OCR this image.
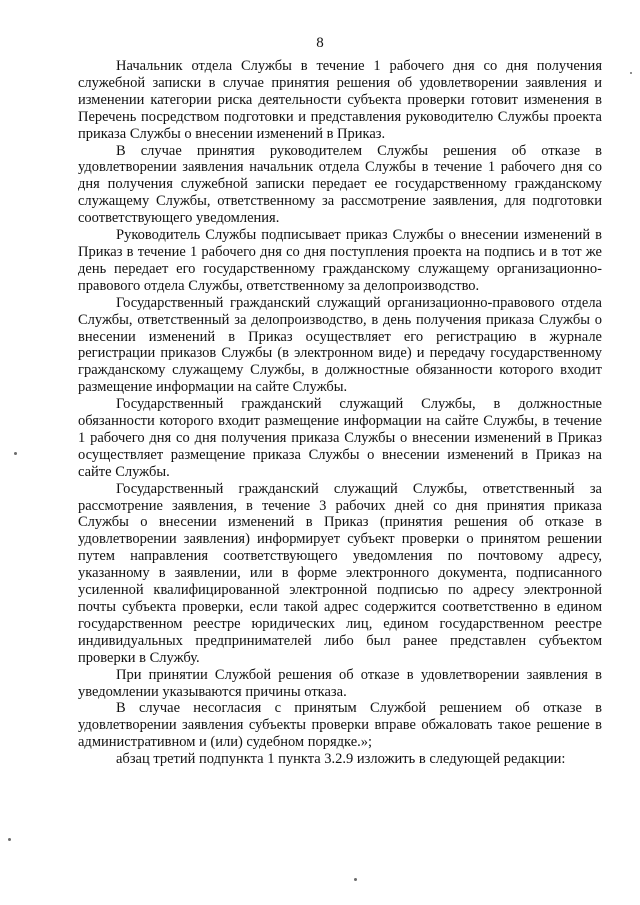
8

Начальник отдела Службы в течение 1 рабочего дня со дня получения служебной записки в случае принятия решения об удовлетворении заявления и изменении категории риска деятельности субъекта проверки готовит изменения в Перечень посредством подготовки и представления руководителю Службы проекта приказа Службы о внесении изменений в Приказ.

В случае принятия руководителем Службы решения об отказе в удовлетворении заявления начальник отдела Службы в течение 1 рабочего дня со дня получения служебной записки передает ее государственному гражданскому служащему Службы, ответственному за рассмотрение заявления, для подготовки соответствующего уведомления.

Руководитель Службы подписывает приказ Службы о внесении изменений в Приказ в течение 1 рабочего дня со дня поступления проекта на подпись и в тот же день передает его государственному гражданскому служащему организационно-правового отдела Службы, ответственному за делопроизводство.

Государственный гражданский служащий организационно-правового отдела Службы, ответственный за делопроизводство, в день получения приказа Службы о внесении изменений в Приказ осуществляет его регистрацию в журнале регистрации приказов Службы (в электронном виде) и передачу государственному гражданскому служащему Службы, в должностные обязанности которого входит размещение информации на сайте Службы.

Государственный гражданский служащий Службы, в должностные обязанности которого входит размещение информации на сайте Службы, в течение 1 рабочего дня со дня получения приказа Службы о внесении изменений в Приказ осуществляет размещение приказа Службы о внесении изменений в Приказ на сайте Службы.

Государственный гражданский служащий Службы, ответственный за рассмотрение заявления, в течение 3 рабочих дней со дня принятия приказа Службы о внесении изменений в Приказ (принятия решения об отказе в удовлетворении заявления) информирует субъект проверки о принятом решении путем направления соответствующего уведомления по почтовому адресу, указанному в заявлении, или в форме электронного документа, подписанного усиленной квалифицированной электронной подписью по адресу электронной почты субъекта проверки, если такой адрес содержится соответственно в едином государственном реестре юридических лиц, едином государственном реестре индивидуальных предпринимателей либо был ранее представлен субъектом проверки в Службу.

При принятии Службой решения об отказе в удовлетворении заявления в уведомлении указываются причины отказа.

В случае несогласия с принятым Службой решением об отказе в удовлетворении заявления субъекты проверки вправе обжаловать такое решение в административном и (или) судебном порядке.»;

абзац третий подпункта 1 пункта 3.2.9 изложить в следующей редакции:
